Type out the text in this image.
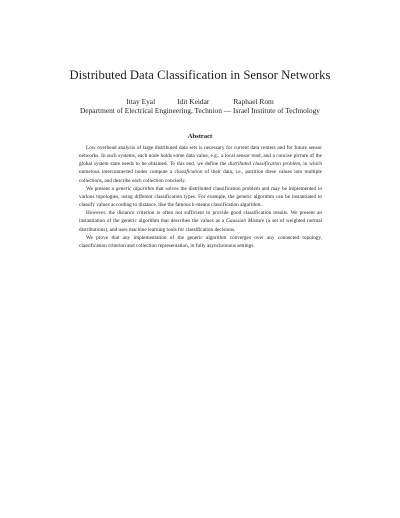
Distributed Data Classification in Sensor Networks
Ittay Eyal	Idit Keidar	Raphael Rom
Department of Electrical Engineering, Technion — Israel Institute of Technology
Abstract

Low overhead analysis of large distributed data sets is necessary for current data centers and for future sensor networks. In such systems, each node holds some data value, e.g., a local sensor read, and a concise picture of the global system state needs to be obtained. To this end, we define the distributed classification problem, in which numerous interconnected nodes compute a classification of their data, i.e., partition these values into multiple collections, and describe each collection concisely.

We present a generic algorithm that solves the distributed classification problem and may be implemented in various topologies, using different classification types. For example, the generic algorithm can be instantiated to classify values according to distance, like the famous k-means classification algorithm.

However, the distance criterion is often not sufficient to provide good classification results. We present an instantiation of the generic algorithm that describes the values as a Gaussian Mixture (a set of weighted normal distributions), and uses machine learning tools for classification decisions.

We prove that any implementation of the generic algorithm converges over any connected topology, classification criterion and collection representation, in fully asynchronous settings.
